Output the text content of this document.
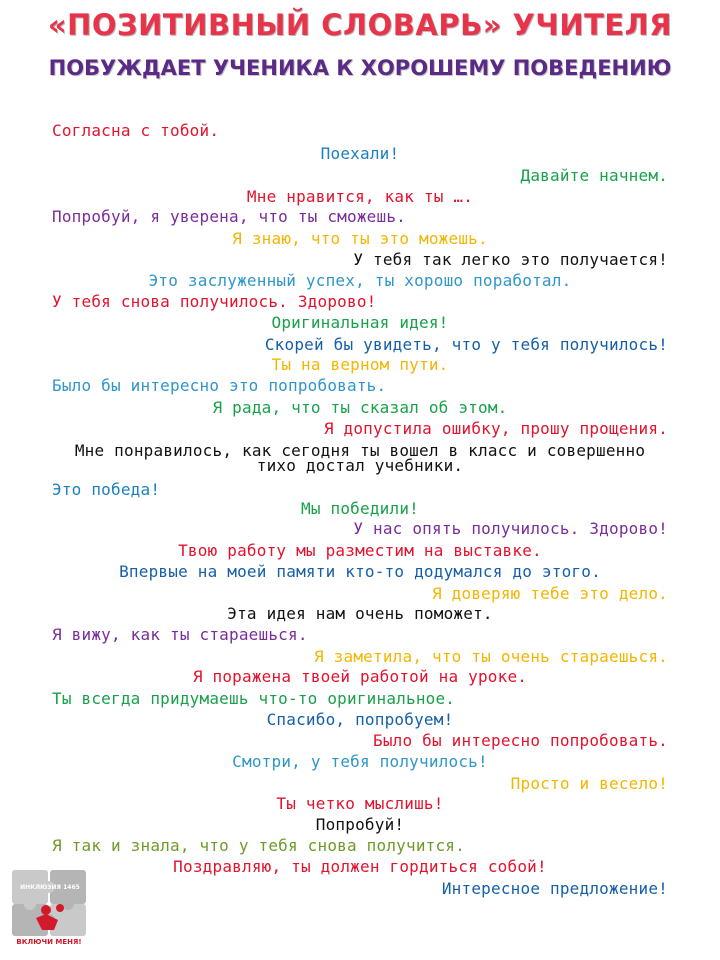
«ПОЗИТИВНЫЙ СЛОВАРЬ» УЧИТЕЛЯ
ПОБУЖДАЕТ УЧЕНИКА К ХОРОШЕМУ ПОВЕДЕНИЮ
Согласна с тобой.
Поехали!
Давайте начнем.
Мне нравится, как ты ….
Попробуй, я уверена, что ты сможешь.
Я знаю, что ты это можешь.
У тебя так легко это получается!
Это заслуженный успех, ты хорошо поработал.
У тебя снова получилось. Здорово!
Оригинальная идея!
Скорей бы увидеть, что у тебя получилось!
Ты на верном пути.
Было бы интересно это попробовать.
Я рада, что ты сказал об этом.
Я допустила ошибку, прошу прощения.
Мне понравилось, как сегодня ты вошел в класс и совершенно тихо достал учебники.
Это победа!
Мы победили!
У нас опять получилось. Здорово!
Твою работу мы разместим на выставке.
Впервые на моей памяти кто-то додумался до этого.
Я доверяю тебе это дело.
Эта идея нам очень поможет.
Я вижу, как ты стараешься.
Я заметила, что ты очень стараешься.
Я поражена твоей работой на уроке.
Ты всегда придумаешь что-то оригинальное.
Спасибо, попробуем!
Было бы интересно попробовать.
Смотри, у тебя получилось!
Просто и весело!
Ты четко мыслишь!
Попробуй!
Я так и знала, что у тебя снова получится.
Поздравляю, ты должен гордиться собой!
Интересное предложение!
ИНКЛЮЗИЯ 1465
ВКЛЮЧИ МЕНЯ!
